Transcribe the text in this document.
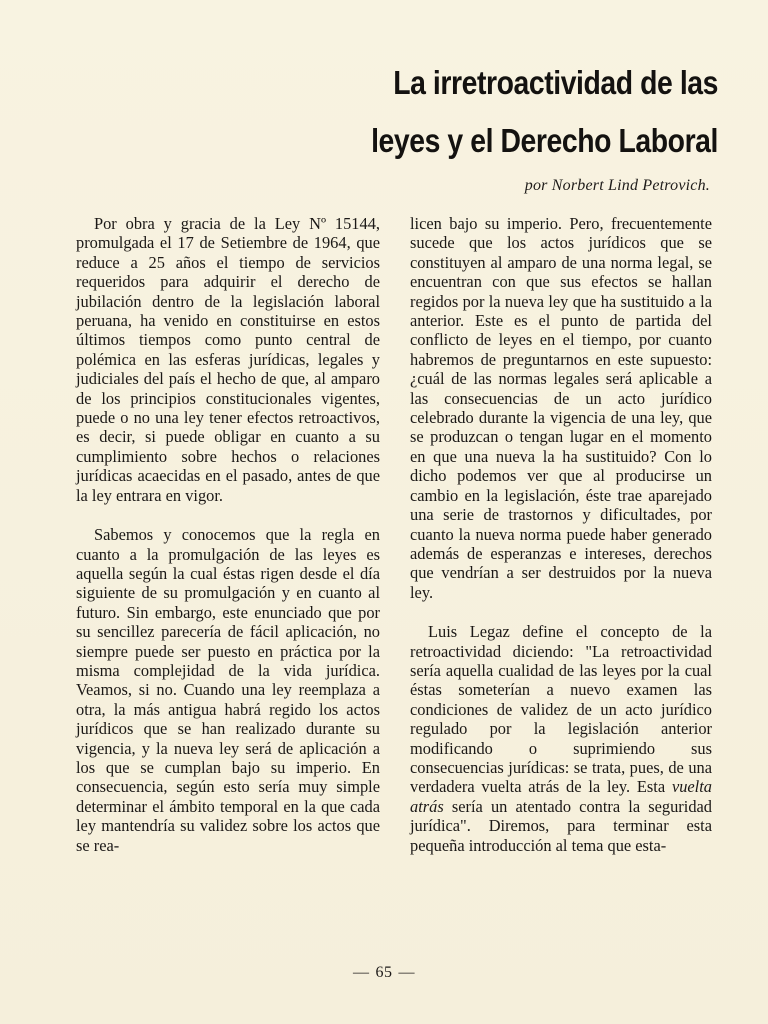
La irretroactividad de las
leyes y el Derecho Laboral
por Norbert Lind Petrovich.

Por obra y gracia de la Ley Nº 15144, promulgada el 17 de Setiembre de 1964, que reduce a 25 años el tiempo de servicios requeridos para adquirir el derecho de jubilación dentro de la legislación laboral peruana, ha venido en constituirse en estos últimos tiempos como punto central de polémica en las esferas jurídicas, legales y judiciales del país el hecho de que, al amparo de los principios constitucionales vigentes, puede o no una ley tener efectos retroactivos, es decir, si puede obligar en cuanto a su cumplimiento sobre hechos o relaciones jurídicas acaecidas en el pasado, antes de que la ley entrara en vigor.

Sabemos y conocemos que la regla en cuanto a la promulgación de las leyes es aquella según la cual éstas rigen desde el día siguiente de su promulgación y en cuanto al futuro. Sin embargo, este enunciado que por su sencillez parecería de fácil aplicación, no siempre puede ser puesto en práctica por la misma complejidad de la vida jurídica. Veamos, si no. Cuando una ley reemplaza a otra, la más antigua habrá regido los actos jurídicos que se han realizado durante su vigencia, y la nueva ley será de aplicación a los que se cumplan bajo su imperio. En consecuencia, según esto sería muy simple determinar el ámbito temporal en la que cada ley mantendría su validez sobre los actos que se rea-

licen bajo su imperio. Pero, frecuentemente sucede que los actos jurídicos que se constituyen al amparo de una norma legal, se encuentran con que sus efectos se hallan regidos por la nueva ley que ha sustituido a la anterior. Este es el punto de partida del conflicto de leyes en el tiempo, por cuanto habremos de preguntarnos en este supuesto: ¿cuál de las normas legales será aplicable a las consecuencias de un acto jurídico celebrado durante la vigencia de una ley, que se produzcan o tengan lugar en el momento en que una nueva la ha sustituido? Con lo dicho podemos ver que al producirse un cambio en la legislación, éste trae aparejado una serie de trastornos y dificultades, por cuanto la nueva norma puede haber generado además de esperanzas e intereses, derechos que vendrían a ser destruidos por la nueva ley.

Luis Legaz define el concepto de la retroactividad diciendo: "La retroactividad sería aquella cualidad de las leyes por la cual éstas someterían a nuevo examen las condiciones de validez de un acto jurídico regulado por la legislación anterior modificando o suprimiendo sus consecuencias jurídicas: se trata, pues, de una verdadera vuelta atrás de la ley. Esta vuelta atrás sería un atentado contra la seguridad jurídica". Diremos, para terminar esta pequeña introducción al tema que esta-

— 65 —
